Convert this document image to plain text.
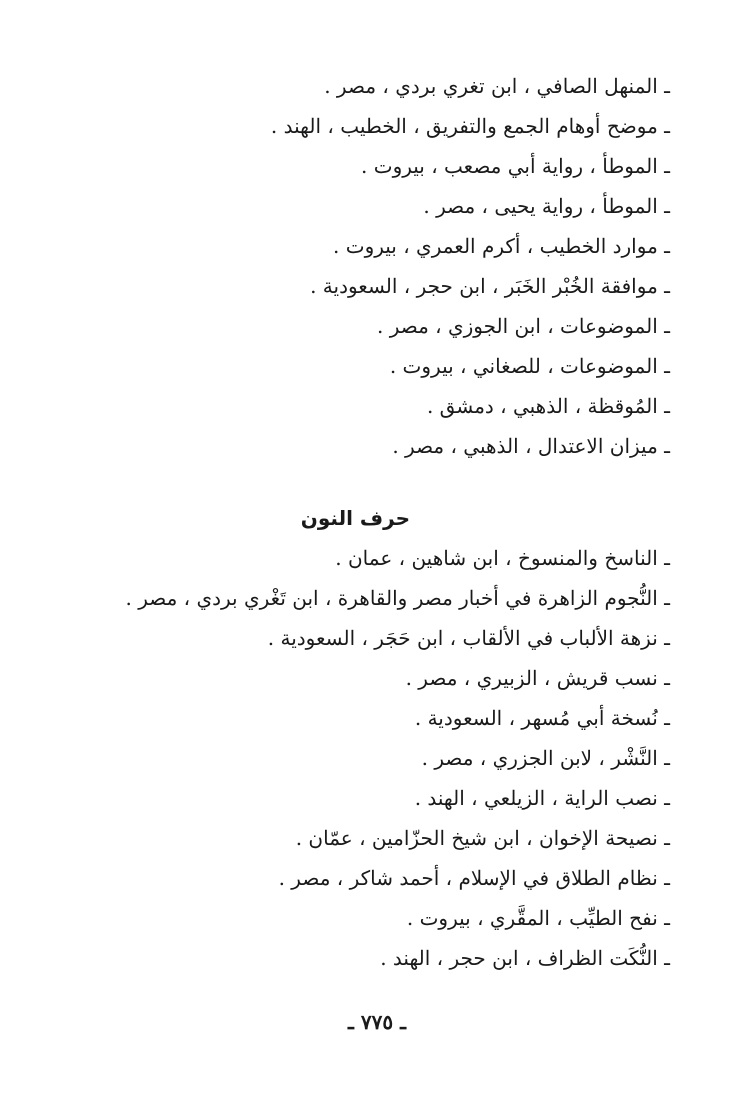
ـ المنهل الصافي ، ابن تغري بردي ، مصر .
ـ موضح أوهام الجمع والتفريق ، الخطيب ، الهند .
ـ الموطأ ، رواية أبي مصعب ، بيروت .
ـ الموطأ ، رواية يحيى ، مصر .
ـ موارد الخطيب ، أكرم العمري ، بيروت .
ـ موافقة الخُبْر الخَبَر ، ابن حجر ، السعودية .
ـ الموضوعات ، ابن الجوزي ، مصر .
ـ الموضوعات ، للصغاني ، بيروت .
ـ المُوقظة ، الذهبي ، دمشق .
ـ ميزان الاعتدال ، الذهبي ، مصر .
حرف النون
ـ الناسخ والمنسوخ ، ابن شاهين ، عمان .
ـ النُّجوم الزاهرة في أخبار مصر والقاهرة ، ابن تَغْري بردي ، مصر .
ـ نزهة الألباب في الألقاب ، ابن حَجَر ، السعودية .
ـ نسب قريش ، الزبيري ، مصر .
ـ نُسخة أبي مُسهر ، السعودية .
ـ النَّشْر ، لابن الجزري ، مصر .
ـ نصب الراية ، الزيلعي ، الهند .
ـ نصيحة الإخوان ، ابن شيخ الحزّامين ، عمّان .
ـ نظام الطلاق في الإسلام ، أحمد شاكر ، مصر .
ـ نفح الطيِّب ، المقَّري ، بيروت .
ـ النُّكَت الظراف ، ابن حجر ، الهند .
ـ ٧٧٥ ـ
